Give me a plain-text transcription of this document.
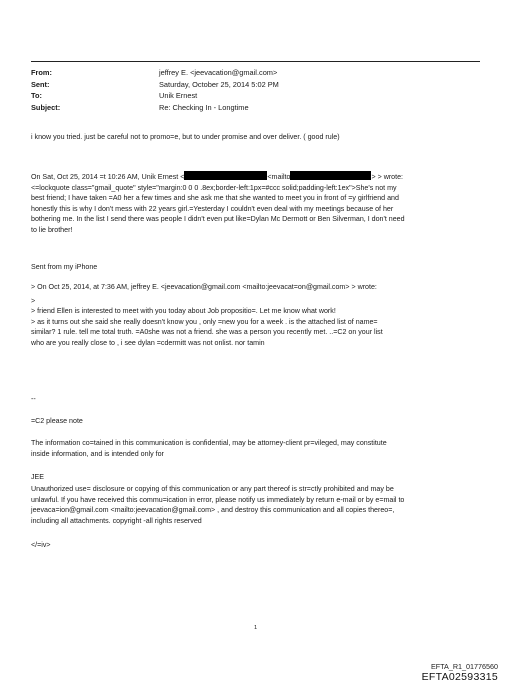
From:	jeffrey E. <jeevacation@gmail.com>
Sent:	Saturday, October 25, 2014 5:02 PM
To:	Unik Ernest
Subject:	Re: Checking In - Longtime
i know you tried. just be careful not to promo=e, but to under promise and over deliver. ( good rule)
On Sat, Oct 25, 2014 =t 10:26 AM, Unik Ernest <	<mailto	> > wrote:
<=lockquote class="gmail_quote" style="margin:0 0 0 .8ex;border-left:1px=#ccc solid;padding-left:1ex">She's not my
best friend; I have taken =A0 her a few times and she ask me that she wanted to meet you in front of =y girlfriend and
honestly this is why I don't mess with 22 years girl.=Yesterday I couldn't even deal with my meetings because of her
bothering me. In the list I send there was people I didn't even put like=Dylan Mc Dermott or Ben Silverman, I don't need
to lie brother!
Sent from my iPhone
> On Oct 25, 2014, at 7:36 AM, jeffrey E. <jeevacation@gmail.com <mailto:jeevacat=on@gmail.com> > wrote:
>
> friend Ellen is interested to meet with you today about Job propositio=. Let me know what work!
> as it turns out she said she really doesn't know you , only =new you for a week . is the attached list of name=
similar? 1 rule. tell me total truth. =A0she was not a friend. she was a person you recently met. ..=C2 on your list
who are you really close to , i see dylan =cdermitt was not onlist. nor tamin
--
=C2 please note
The information co=tained in this communication is confidential, may be attorney-client pr=vileged, may constitute
inside information, and is intended only for
JEE
Unauthorized use= disclosure or copying of this communication or any part thereof is str=ctly prohibited and may be
unlawful. If you have received this commu=ication in error, please notify us immediately by return e-mail or by e=mail to
jeevaca=ion@gmail.com <mailto:jeevacation@gmail.com> , and destroy this communication and all copies thereo=,
including all attachments. copyright -all rights reserved
</=iv>
1
EFTA_R1_01776560
EFTA02593315
